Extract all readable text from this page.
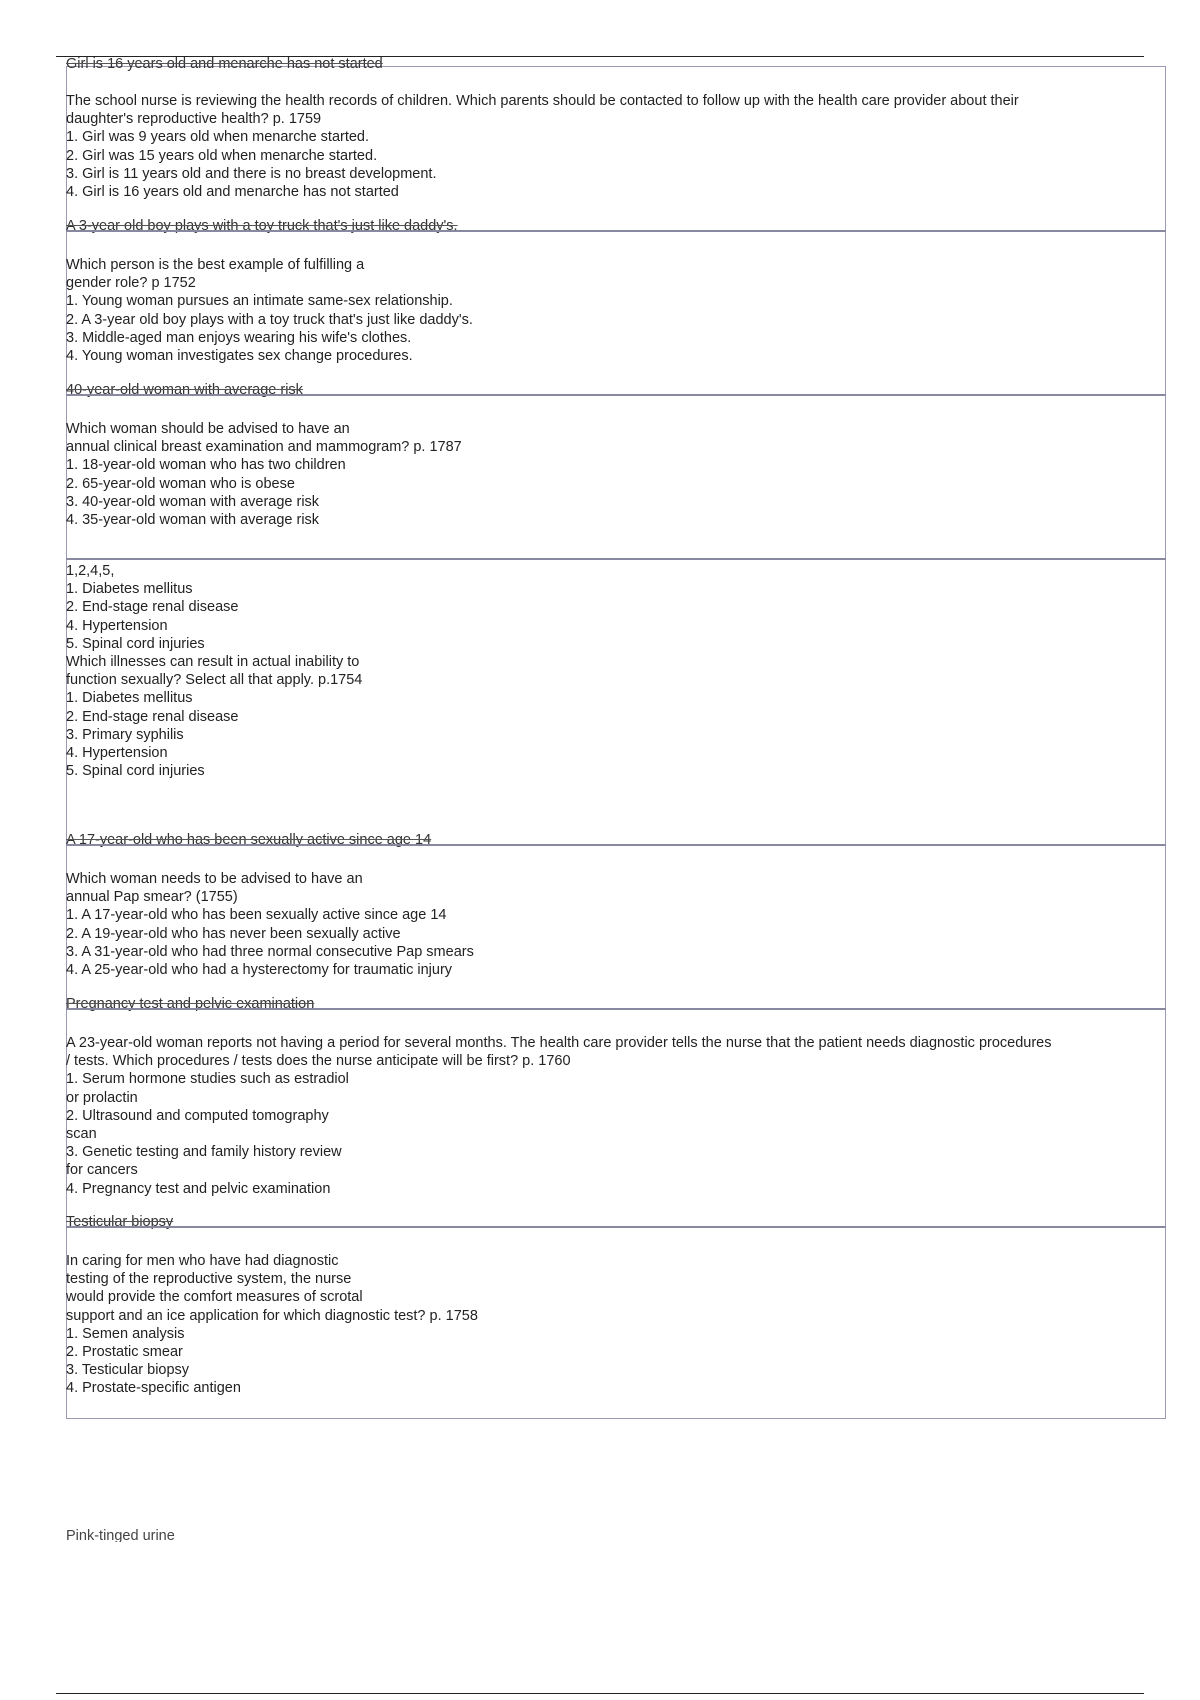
Girl is 16 years old and menarche has not started
The school nurse is reviewing the health records of children. Which parents should be contacted to follow up with the health care provider about their
daughter's reproductive health? p. 1759
1. Girl was 9 years old when menarche started.
2. Girl was 15 years old when menarche started.
3. Girl is 11 years old and there is no breast development.
4. Girl is 16 years old and menarche has not started
A 3-year old boy plays with a toy truck that's just like daddy's.
Which person is the best example of fulfilling a
gender role? p 1752
1. Young woman pursues an intimate same-sex relationship.
2. A 3-year old boy plays with a toy truck that's just like daddy's.
3. Middle-aged man enjoys wearing his wife's clothes.
4. Young woman investigates sex change procedures.
40-year-old woman with average risk
Which woman should be advised to have an
annual clinical breast examination and mammogram? p. 1787
1. 18-year-old woman who has two children
2. 65-year-old woman who is obese
3. 40-year-old woman with average risk
4. 35-year-old woman with average risk
1,2,4,5,
1. Diabetes mellitus
2. End-stage renal disease
4. Hypertension
5. Spinal cord injuries
Which illnesses can result in actual inability to
function sexually? Select all that apply. p.1754
1. Diabetes mellitus
2. End-stage renal disease
3. Primary syphilis
4. Hypertension
5. Spinal cord injuries
A 17-year-old who has been sexually active since age 14
Which woman needs to be advised to have an
annual Pap smear? (1755)
1. A 17-year-old who has been sexually active since age 14
2. A 19-year-old who has never been sexually active
3. A 31-year-old who had three normal consecutive Pap smears
4. A 25-year-old who had a hysterectomy for traumatic injury
Pregnancy test and pelvic examination
A 23-year-old woman reports not having a period for several months. The health care provider tells the nurse that the patient needs diagnostic procedures
/ tests. Which procedures / tests does the nurse anticipate will be first? p. 1760
1. Serum hormone studies such as estradiol
or prolactin
2. Ultrasound and computed tomography
scan
3. Genetic testing and family history review
for cancers
4. Pregnancy test and pelvic examination
Testicular biopsy
In caring for men who have had diagnostic
testing of the reproductive system, the nurse
would provide the comfort measures of scrotal
support and an ice application for which diagnostic test? p. 1758
1. Semen analysis
2. Prostatic smear
3. Testicular biopsy
4. Prostate-specific antigen
Pink-tinged urine
